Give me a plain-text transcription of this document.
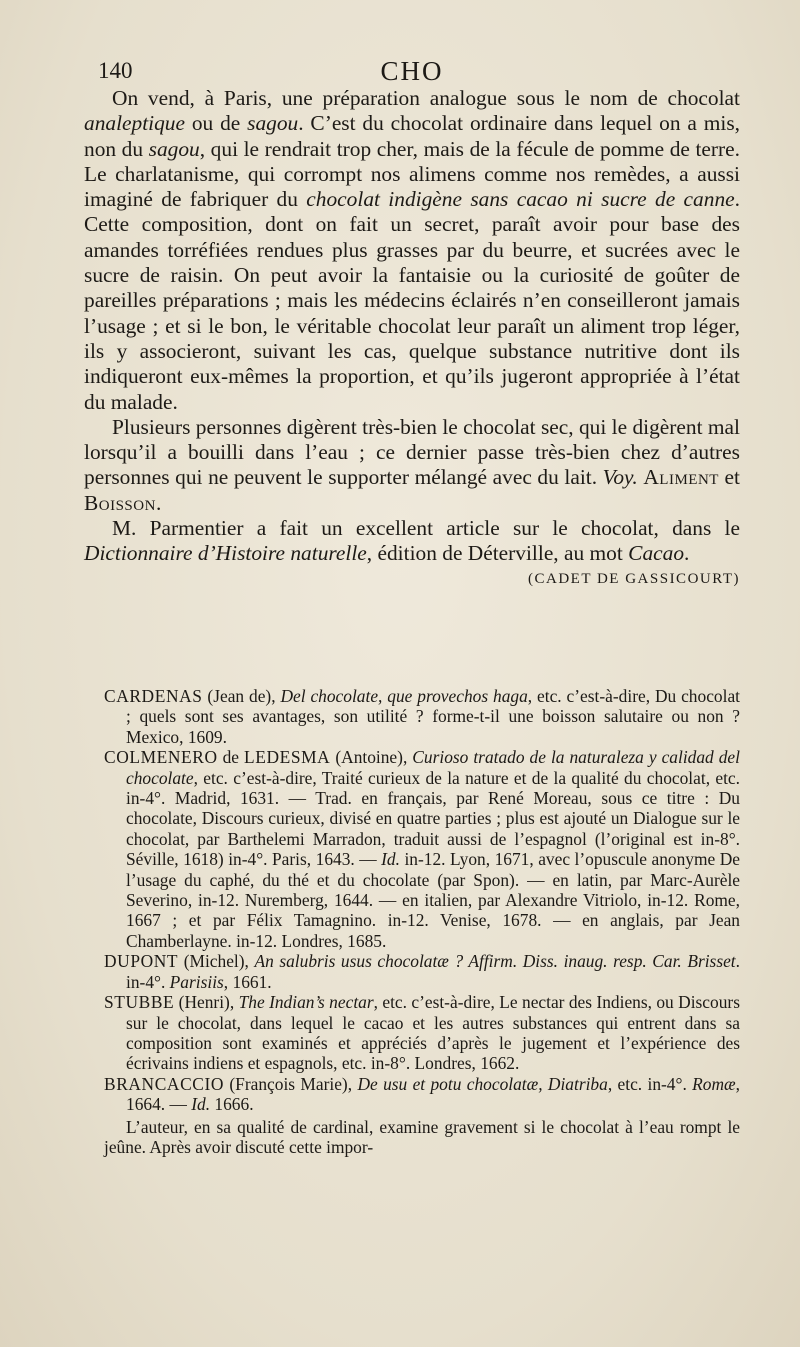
140	CHO

On vend, à Paris, une préparation analogue sous le nom de chocolat analeptique ou de sagou. C’est du chocolat ordinaire dans lequel on a mis, non du sagou, qui le rendrait trop cher, mais de la fécule de pomme de terre. Le charlatanisme, qui corrompt nos alimens comme nos remèdes, a aussi imaginé de fabriquer du chocolat indigène sans cacao ni sucre de canne. Cette composition, dont on fait un secret, paraît avoir pour base des amandes torréfiées rendues plus grasses par du beurre, et sucrées avec le sucre de raisin. On peut avoir la fantaisie ou la curiosité de goûter de pareilles préparations ; mais les médecins éclairés n’en conseilleront jamais l’usage ; et si le bon, le véritable chocolat leur paraît un aliment trop léger, ils y associeront, suivant les cas, quelque substance nutritive dont ils indiqueront eux-mêmes la proportion, et qu’ils jugeront appropriée à l’état du malade.

Plusieurs personnes digèrent très-bien le chocolat sec, qui le digèrent mal lorsqu’il a bouilli dans l’eau ; ce dernier passe très-bien chez d’autres personnes qui ne peuvent le supporter mélangé avec du lait. Voy. Aliment et Boisson.

M. Parmentier a fait un excellent article sur le chocolat, dans le Dictionnaire d’Histoire naturelle, édition de Déterville, au mot Cacao.

(CADET DE GASSICOURT)

CARDENAS (Jean de), Del chocolate, que provechos haga, etc. c’est-à-dire, Du chocolat ; quels sont ses avantages, son utilité ? forme-t-il une boisson salutaire ou non ? Mexico, 1609.

COLMENERO de LEDESMA (Antoine), Curioso tratado de la naturaleza y calidad del chocolate, etc. c’est-à-dire, Traité curieux de la nature et de la qualité du chocolat, etc. in-4°. Madrid, 1631. — Trad. en français, par René Moreau, sous ce titre : Du chocolate, Discours curieux, divisé en quatre parties ; plus est ajouté un Dialogue sur le chocolat, par Barthelemi Marradon, traduit aussi de l’espagnol (l’original est in-8°. Séville, 1618) in-4°. Paris, 1643. — Id. in-12. Lyon, 1671, avec l’opuscule anonyme De l’usage du caphé, du thé et du chocolate (par Spon). — en latin, par Marc-Aurèle Severino, in-12. Nuremberg, 1644. — en italien, par Alexandre Vitriolo, in-12. Rome, 1667 ; et par Félix Tamagnino. in-12. Venise, 1678. — en anglais, par Jean Chamberlayne. in-12. Londres, 1685.

DUPONT (Michel), An salubris usus chocolatæ ? Affirm. Diss. inaug. resp. Car. Brisset. in-4°. Parisiis, 1661.

STUBBE (Henri), The Indian’s nectar, etc. c’est-à-dire, Le nectar des Indiens, ou Discours sur le chocolat, dans lequel le cacao et les autres substances qui entrent dans sa composition sont examinés et appréciés d’après le jugement et l’expérience des écrivains indiens et espagnols, etc. in-8°. Londres, 1662.

BRANCACCIO (François Marie), De usu et potu chocolatæ, Diatriba, etc. in-4°. Romæ, 1664. — Id. 1666.

L’auteur, en sa qualité de cardinal, examine gravement si le chocolat à l’eau rompt le jeûne. Après avoir discuté cette impor-
